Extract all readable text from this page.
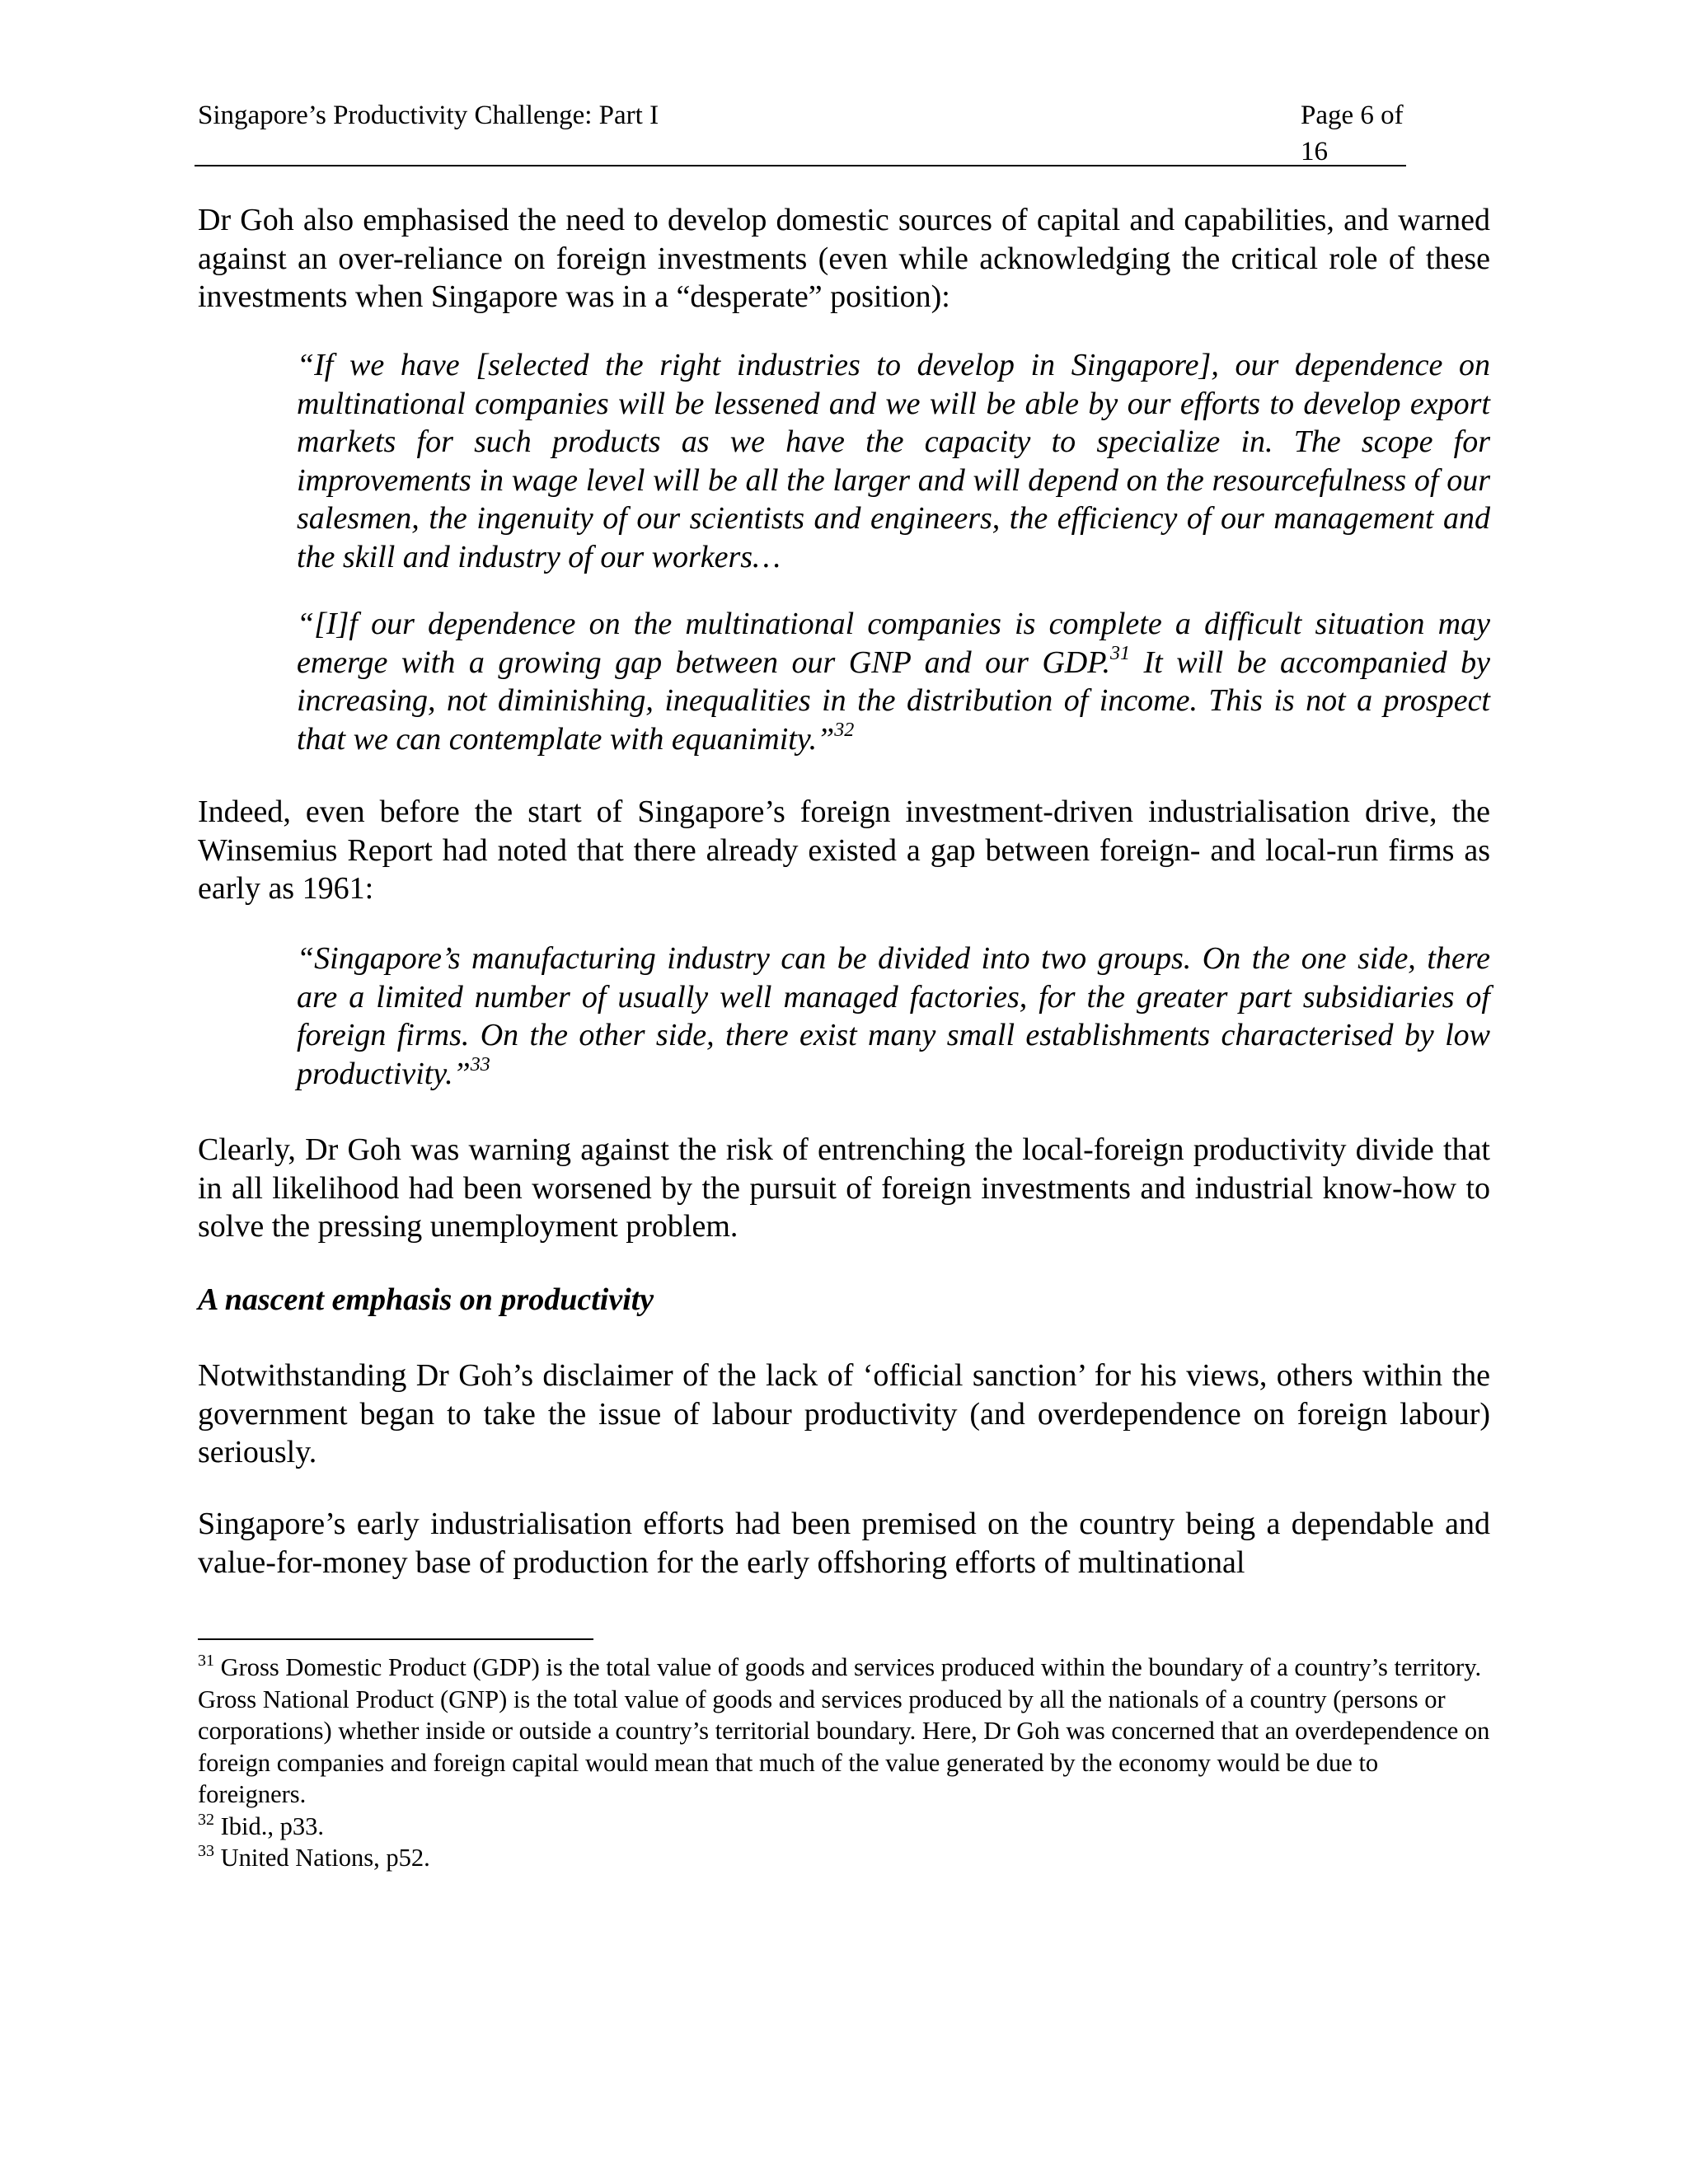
Singapore’s Productivity Challenge: Part I	Page 6 of 16
Dr Goh also emphasised the need to develop domestic sources of capital and capabilities, and warned against an over-reliance on foreign investments (even while acknowledging the critical role of these investments when Singapore was in a “desperate” position):
“If we have [selected the right industries to develop in Singapore], our dependence on multinational companies will be lessened and we will be able by our efforts to develop export markets for such products as we have the capacity to specialize in. The scope for improvements in wage level will be all the larger and will depend on the resourcefulness of our salesmen, the ingenuity of our scientists and engineers, the efficiency of our management and the skill and industry of our workers…
“[I]f our dependence on the multinational companies is complete a difficult situation may emerge with a growing gap between our GNP and our GDP.$^{31}$ It will be accompanied by increasing, not diminishing, inequalities in the distribution of income. This is not a prospect that we can contemplate with equanimity.”$^{32}$
Indeed, even before the start of Singapore’s foreign investment-driven industrialisation drive, the Winsemius Report had noted that there already existed a gap between foreign- and local-run firms as early as 1961:
“Singapore’s manufacturing industry can be divided into two groups. On the one side, there are a limited number of usually well managed factories, for the greater part subsidiaries of foreign firms. On the other side, there exist many small establishments characterised by low productivity.”$^{33}$
Clearly, Dr Goh was warning against the risk of entrenching the local-foreign productivity divide that in all likelihood had been worsened by the pursuit of foreign investments and industrial know-how to solve the pressing unemployment problem.
A nascent emphasis on productivity
Notwithstanding Dr Goh’s disclaimer of the lack of ‘official sanction’ for his views, others within the government began to take the issue of labour productivity (and overdependence on foreign labour) seriously.
Singapore’s early industrialisation efforts had been premised on the country being a dependable and value-for-money base of production for the early offshoring efforts of multinational

$^{31}$ Gross Domestic Product (GDP) is the total value of goods and services produced within the boundary of a country’s territory. Gross National Product (GNP) is the total value of goods and services produced by all the nationals of a country (persons or corporations) whether inside or outside a country’s territorial boundary. Here, Dr Goh was concerned that an overdependence on foreign companies and foreign capital would mean that much of the value generated by the economy would be due to foreigners.

$^{32}$ Ibid., p33.

$^{33}$ United Nations, p52.
